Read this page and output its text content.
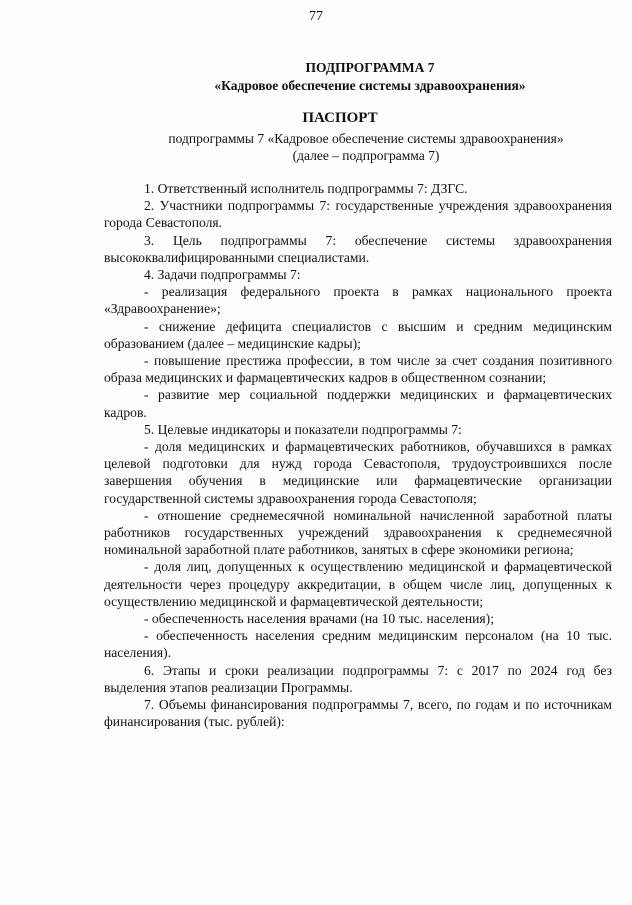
77
ПОДПРОГРАММА 7
«Кадровое обеспечение системы здравоохранения»
ПАСПОРТ
подпрограммы 7 «Кадровое обеспечение системы здравоохранения»
(далее – подпрограмма 7)

1. Ответственный исполнитель подпрограммы 7: ДЗГС.

2. Участники подпрограммы 7: государственные учреждения здравоохранения города Севастополя.

3. Цель подпрограммы 7: обеспечение системы здравоохранения высококвалифицированными специалистами.

4. Задачи подпрограммы 7:

- реализация федерального проекта в рамках национального проекта «Здравоохранение»;

- снижение дефицита специалистов с высшим и средним медицинским образованием (далее – медицинские кадры);

- повышение престижа профессии, в том числе за счет создания позитивного образа медицинских и фармацевтических кадров в общественном сознании;

- развитие мер социальной поддержки медицинских и фармацевтических кадров.

5. Целевые индикаторы и показатели подпрограммы 7:

- доля медицинских и фармацевтических работников, обучавшихся в рамках целевой подготовки для нужд города Севастополя, трудоустроившихся после завершения обучения в медицинские или фармацевтические организации государственной системы здравоохранения города Севастополя;

- отношение среднемесячной номинальной начисленной заработной платы работников государственных учреждений здравоохранения к среднемесячной номинальной заработной плате работников, занятых в сфере экономики региона;

- доля лиц, допущенных к осуществлению медицинской и фармацевтической деятельности через процедуру аккредитации, в общем числе лиц, допущенных к осуществлению медицинской и фармацевтической деятельности;

- обеспеченность населения врачами (на 10 тыс. населения);

- обеспеченность населения средним медицинским персоналом (на 10 тыс. населения).

6. Этапы и сроки реализации подпрограммы 7: с 2017 по 2024 год без выделения этапов реализации Программы.

7. Объемы финансирования подпрограммы 7, всего, по годам и по источникам финансирования (тыс. рублей):
